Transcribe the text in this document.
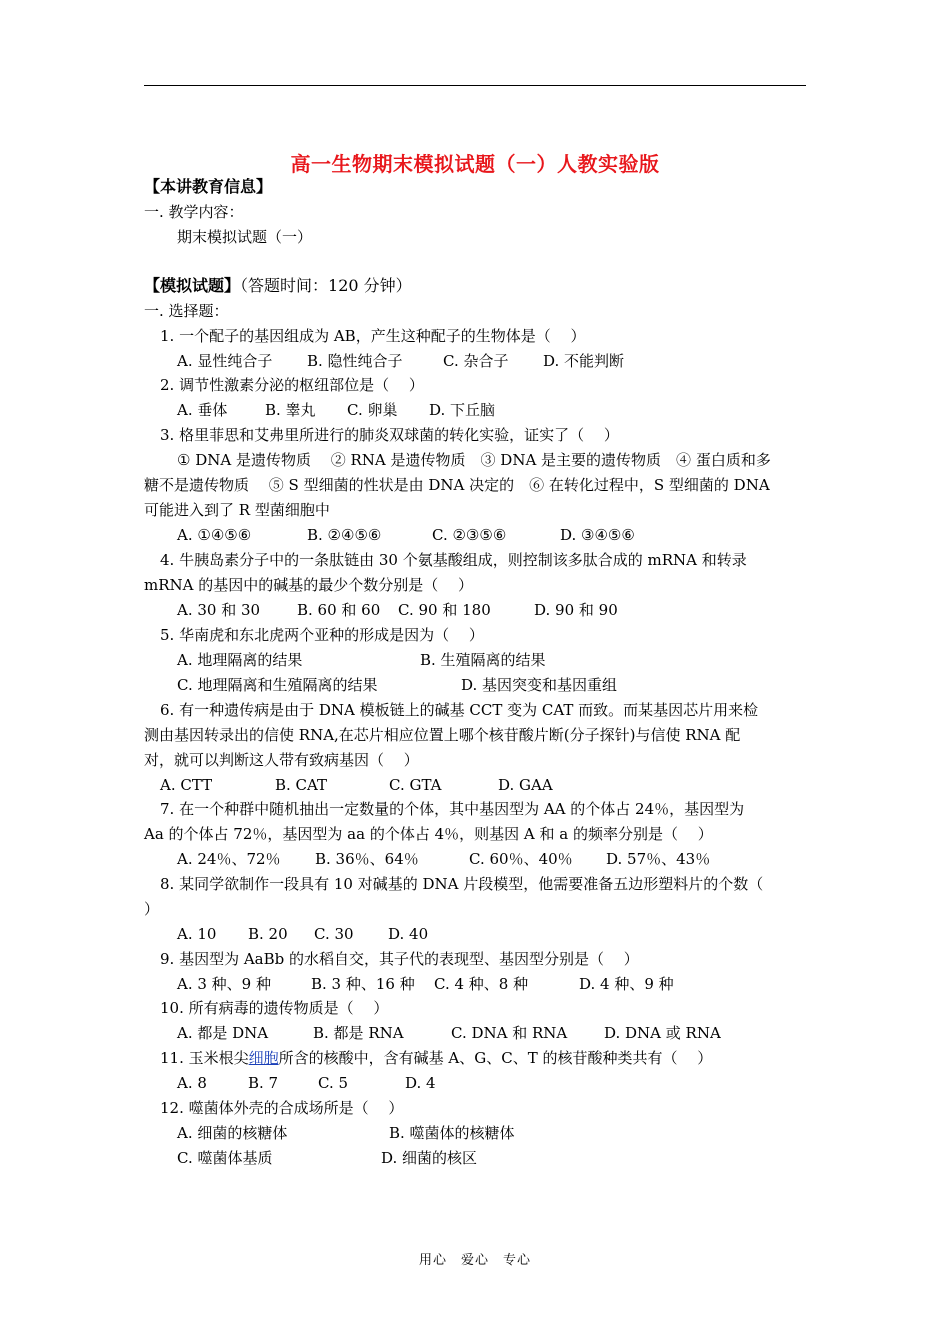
高一生物期末模拟试题（一）人教实验版
【本讲教育信息】
一. 教学内容：
期末模拟试题（一）
【模拟试题】（答题时间：120 分钟）
一. 选择题：
1. 一个配子的基因组成为 AB，产生这种配子的生物体是（　 ）
A. 显性纯合子 B. 隐性纯合子	C. 杂合子 D. 不能判断
2. 调节性激素分泌的枢纽部位是（　 ）
A. 垂体	B. 睾丸 C. 卵巢 D. 下丘脑
3. 格里菲思和艾弗里所进行的肺炎双球菌的转化实验，证实了（　 ）
① DNA 是遗传物质　 ② RNA 是遗传物质　③ DNA 是主要的遗传物质　④ 蛋白质和多
糖不是遗传物质　 ⑤ S 型细菌的性状是由 DNA 决定的　⑥ 在转化过程中，S 型细菌的 DNA
可能进入到了 R 型菌细胞中
A. ①④⑤⑥	B. ②④⑤⑥	C. ②③⑤⑥	D. ③④⑤⑥
4. 牛胰岛素分子中的一条肽链由 30 个氨基酸组成，则控制该多肽合成的 mRNA 和转录
mRNA 的基因中的碱基的最少个数分别是（　 ）
A. 30 和 30 B. 60 和 60 C. 90 和 180	D. 90 和 90
5. 华南虎和东北虎两个亚种的形成是因为（　 ）
A. 地理隔离的结果	B. 生殖隔离的结果
C. 地理隔离和生殖隔离的结果	D. 基因突变和基因重组
6. 有一种遗传病是由于 DNA 模板链上的碱基 CCT 变为 CAT 而致。而某基因芯片用来检
测由基因转录出的信使 RNA,在芯片相应位置上哪个核苷酸片断(分子探针)与信使 RNA 配
对，就可以判断这人带有致病基因（　 ）
A. CTT	B. CAT	C. GTA	D. GAA
7. 在一个种群中随机抽出一定数量的个体，其中基因型为 AA 的个体占 24％，基因型为
Aa 的个体占 72％，基因型为 aa 的个体占 4％，则基因 A 和 a 的频率分别是（　 ）
A. 24％、72％ B. 36％、64％	C. 60％、40％ D. 57％、43％
8. 某同学欲制作一段具有 10 对碱基的 DNA 片段模型，他需要准备五边形塑料片的个数（
）
A. 10 B. 20 C. 30 D. 40
9. 基因型为 AaBb 的水稻自交，其子代的表现型、基因型分别是（　 ）
A. 3 种、9 种	B. 3 种、16 种 C. 4 种、8 种	D. 4 种、9 种
10. 所有病毒的遗传物质是（　 ）
A. 都是 DNA	B. 都是 RNA	C. DNA 和 RNA D. DNA 或 RNA
11. 玉米根尖细胞所含的核酸中，含有碱基 A、G、C、T 的核苷酸种类共有（　 ）
A. 8	B. 7	C. 5	D. 4
12. 噬菌体外壳的合成场所是（　 ）
A. 细菌的核糖体	B. 噬菌体的核糖体
C. 噬菌体基质	D. 细菌的核区
用心　爱心　专心
